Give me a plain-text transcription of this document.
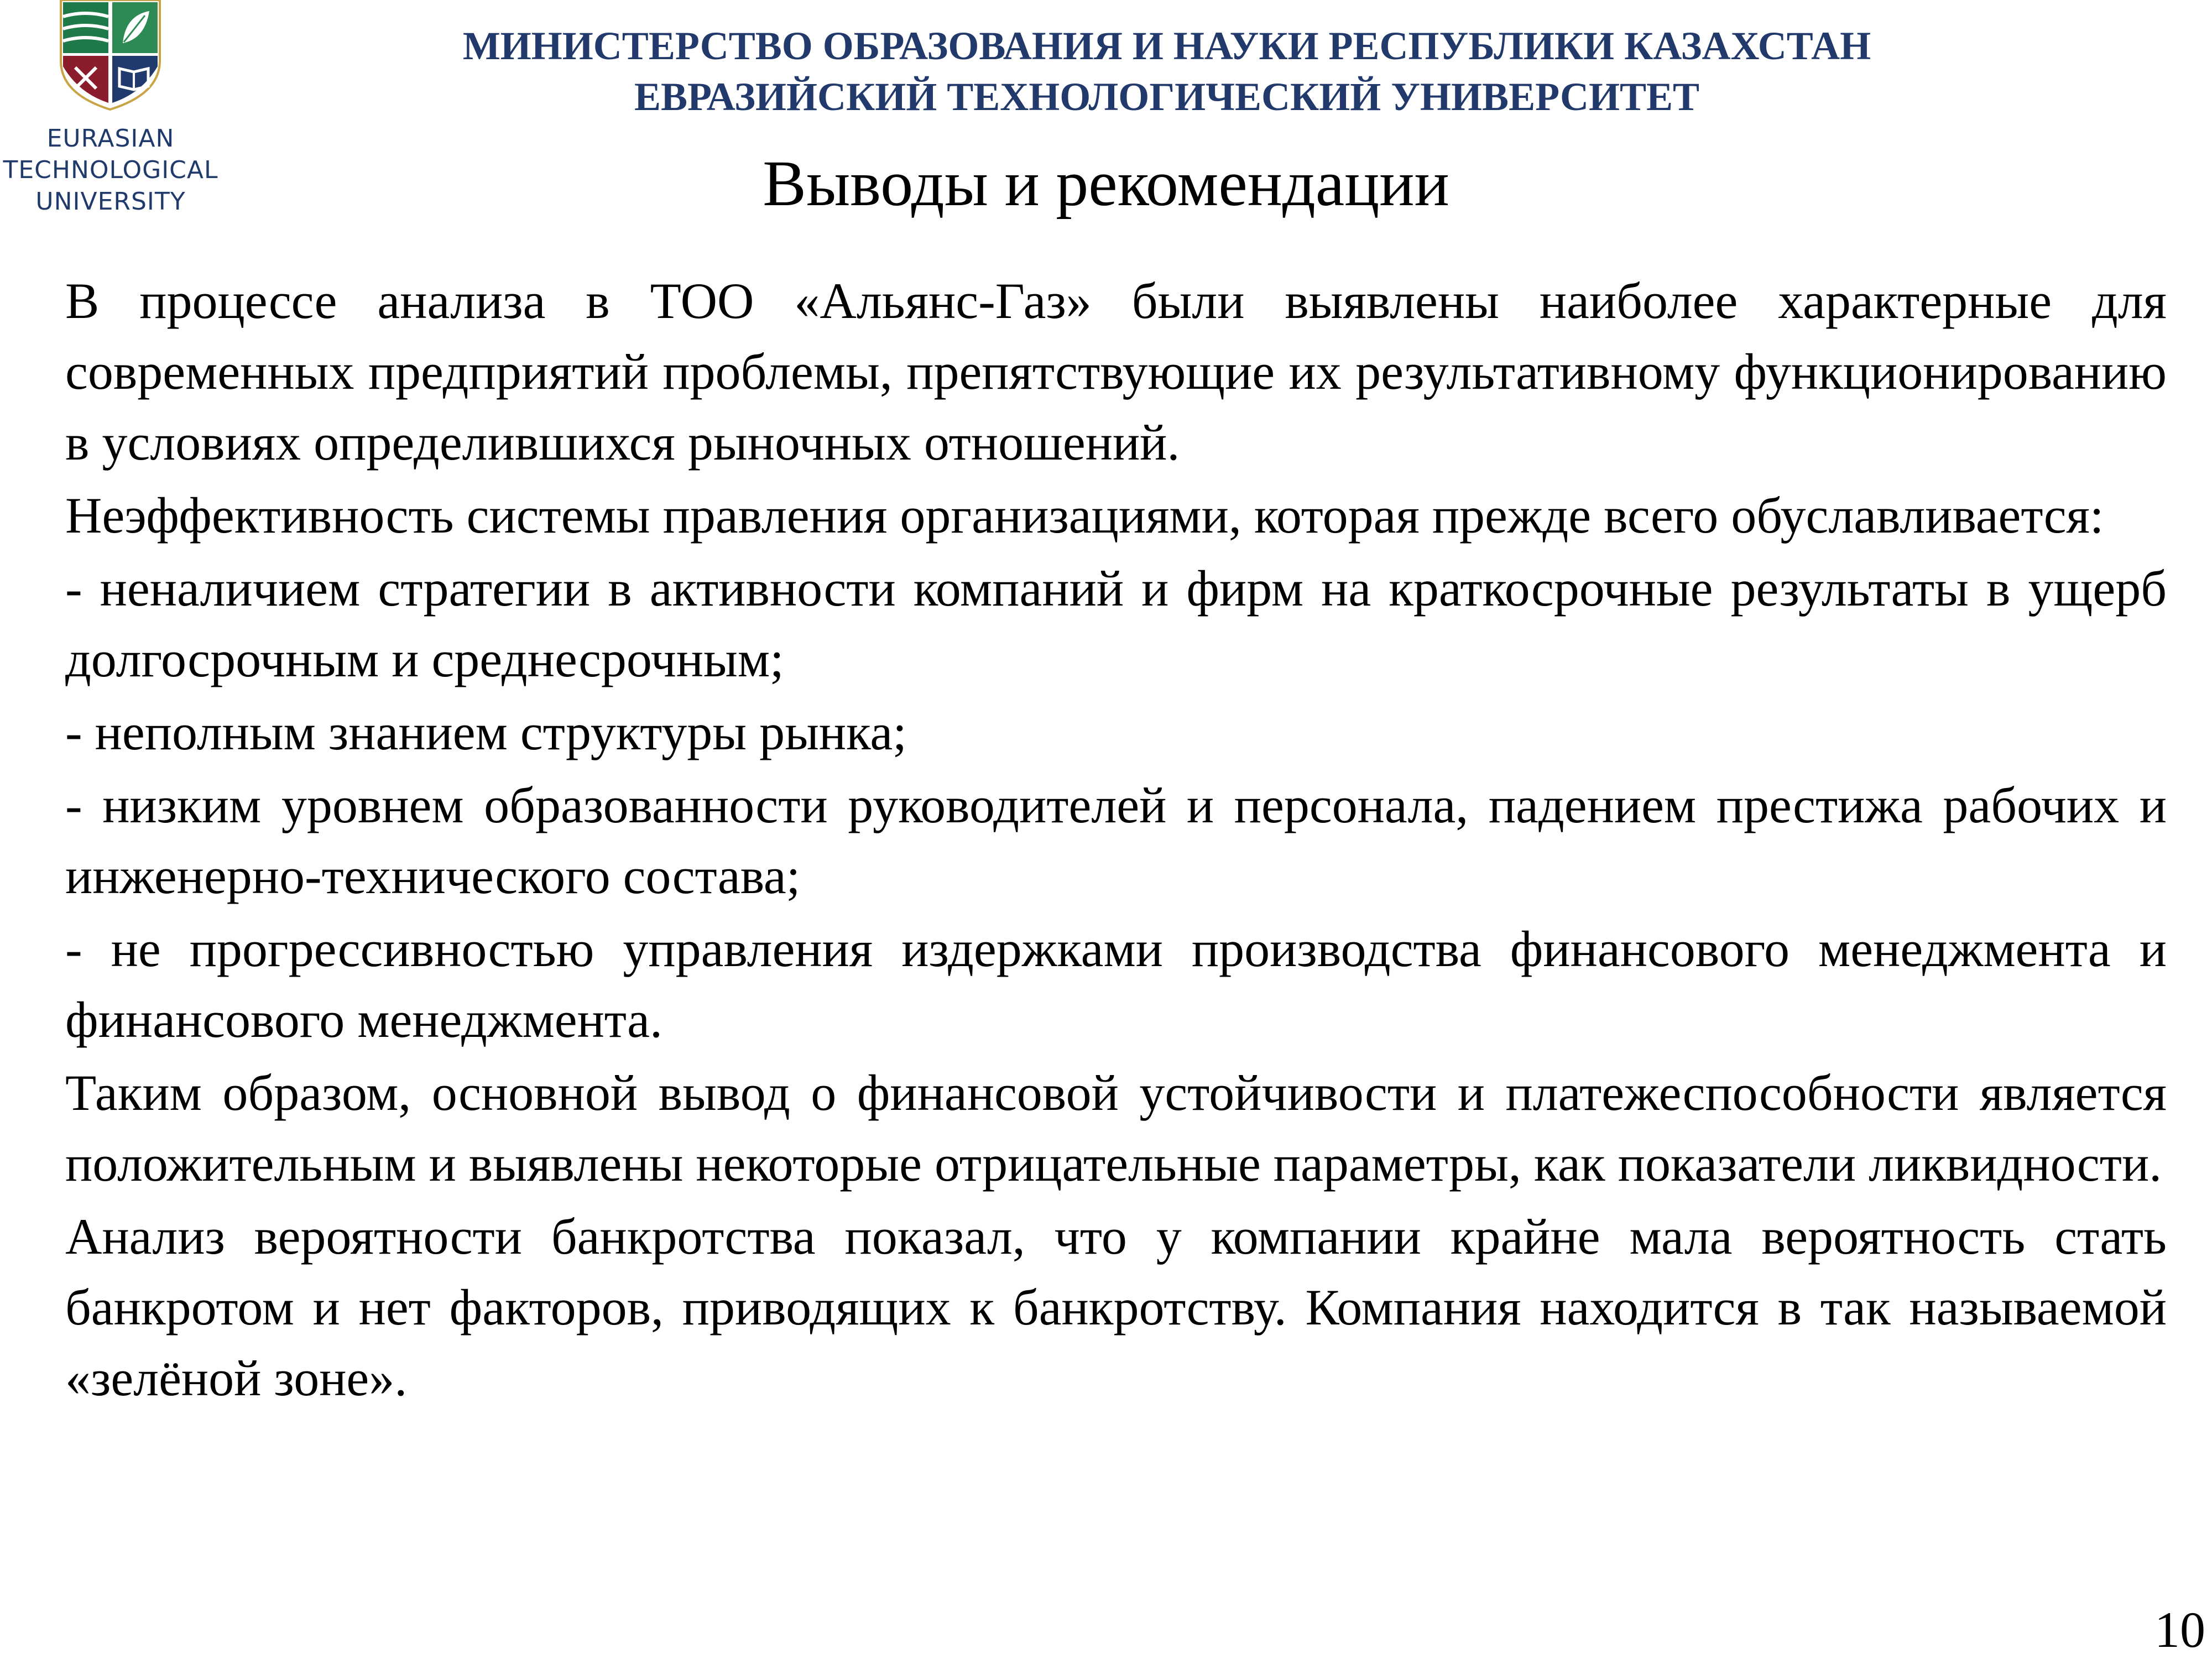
EURASIAN
TECHNOLOGICAL
UNIVERSITY
МИНИСТЕРСТВО ОБРАЗОВАНИЯ И НАУКИ РЕСПУБЛИКИ КАЗАХСТАН
ЕВРАЗИЙСКИЙ ТЕХНОЛОГИЧЕСКИЙ УНИВЕРСИТЕТ
Выводы и рекомендации

В процессе анализа в ТОО «Альянс-Газ» были выявлены наиболее характерные для современных предприятий проблемы, препятствующие их результативному функционированию в условиях определившихся рыночных отношений.

Неэффективность системы правления организациями, которая прежде всего обуславливается:

- неналичием стратегии в активности компаний и фирм на краткосрочные результаты в ущерб долгосрочным и среднесрочным;

- неполным знанием структуры рынка;

- низким уровнем образованности руководителей и персонала, падением престижа рабочих и инженерно-технического состава;

- не прогрессивностью управления издержками производства финансового менеджмента и финансового менеджмента.

Таким образом, основной вывод о финансовой устойчивости и платежеспособности является положительным и выявлены некоторые отрицательные параметры, как показатели ликвидности.

Анализ вероятности банкротства показал, что у компании крайне мала вероятность стать банкротом и нет факторов, приводящих к банкротству. Компания находится в так называемой «зелёной зоне».

10
